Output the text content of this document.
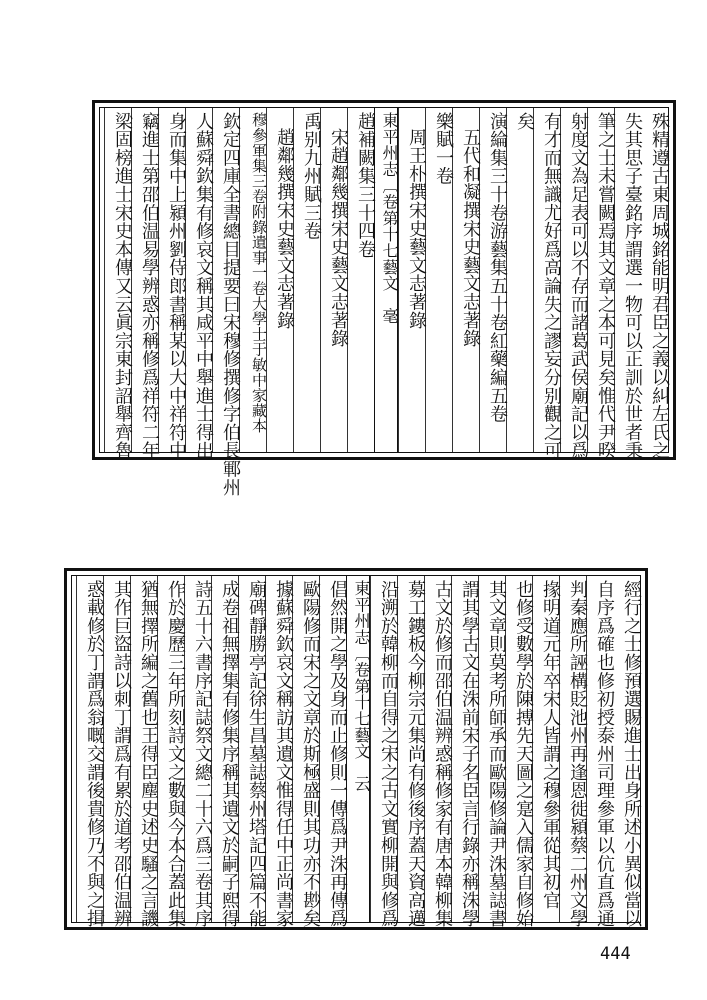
殊精遵古東周城銘能明君臣之義以糾左氏之
失其思子臺銘序謂選一物可以正訓於世者秉
筆之士未嘗闕焉其文章之本可見矣惟代尹暌
射度文為足表可以不存而諸葛武侯廟記以爲
有才而無識尤好爲高論失之謬妄分别觀之可
矣
演綸集三十卷游藝集五十卷紅藥編五卷
五代和凝撰宋史藝文志著錄
樂賦一卷
周王朴撰宋史藝文志著錄
東平州志〔卷第十七藝文　毫
趙補闕集三十四卷
宋趙鄰幾撰宋史藝文志著錄
禹别九州賦三卷
趙鄰幾撰宋史藝文志著錄
穆參軍集三卷附錄遺事一卷大學士于敏中家藏本
欽定四庫全書總目提要曰宋穆修撰修字伯長鄆州
人蘇舜欽集有修哀文稱其咸平中舉進士得出
身而集中上潁州劉侍郎書稱某以大中祥符中
竊進士第邵伯温易學辨惑亦稱修爲祥符二年
梁固榜進士宋史本傳又云眞宗東封詔舉齊魯
經行之士修預選賜進士出身所述小異似當以
自序爲確也修初授泰州司理參軍以伉直爲通
判秦應所誣構貶池州再逢恩徙潁蔡二州文學
掾明道元年卒宋人皆謂之穆參軍從其初官
也修受數學於陳搏先天圖之寔入儒家自修始
其文章則莫考所師承而歐陽修論尹洙墓誌書
謂其學古文在洙前宋子名臣言行錄亦稱洙學
古文於修而邵伯温辨惑稱修家有唐本韓柳集
募工鏤板今柳宗元集尚有修後序蓋天資高邁
沿溯於韓柳而自得之宋之古文實柳開與修爲
東平州志〔卷第十七藝文　云
倡然開之學及身而止修則一傳爲尹洙再傳爲
歐陽修而宋之文章於斯極盛則其功亦不尠矣
據蘇舜欽哀文稱訪其遺文惟得任中正尚書家
廟碑靜勝亭記徐生昌墓誌蔡州塔記四篇不能
成卷祖無擇集有修集序稱其遺文於嗣子熙得
詩五十六書序記誌祭文總二十六爲三卷其序
作於慶歷三年所刻詩文之數與今本合蓋此集
猶無擇所編之舊也王得臣塵史述史騷之言譏
其作巨盜詩以刺丁謂爲有累於道考邵伯温辨
惑載修於丁謂爲翁嘅交謂後貴修乃不與之揖
444
